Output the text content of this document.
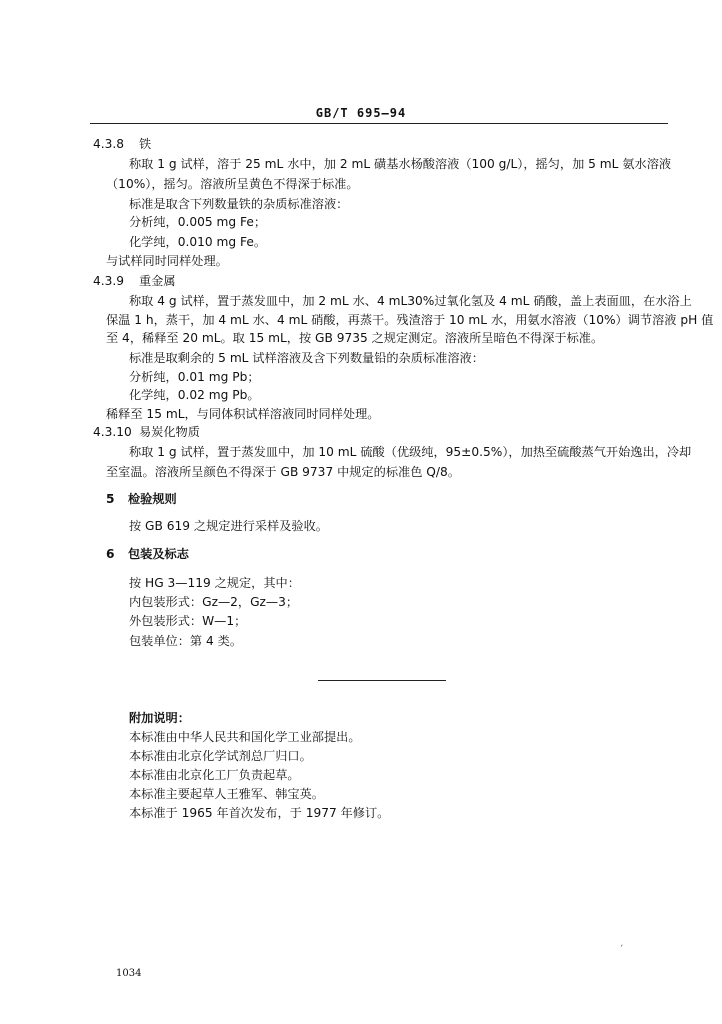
GB/T 695—94
4.3.8 铁
称取 1 g 试样，溶于 25 mL 水中，加 2 mL 磺基水杨酸溶液（100 g/L），摇匀，加 5 mL 氨水溶液
（10%），摇匀。溶液所呈黄色不得深于标准。
标准是取含下列数量铁的杂质标准溶液：
分析纯，0.005 mg Fe；
化学纯，0.010 mg Fe。
与试样同时同样处理。
4.3.9 重金属
称取 4 g 试样，置于蒸发皿中，加 2 mL 水、4 mL30%过氧化氢及 4 mL 硝酸，盖上表面皿，在水浴上
保温 1 h，蒸干，加 4 mL 水、4 mL 硝酸，再蒸干。残渣溶于 10 mL 水，用氨水溶液（10%）调节溶液 pH 值
至 4，稀释至 20 mL。取 15 mL，按 GB 9735 之规定测定。溶液所呈暗色不得深于标准。
标准是取剩余的 5 mL 试样溶液及含下列数量铅的杂质标准溶液：
分析纯，0.01 mg Pb；
化学纯，0.02 mg Pb。
稀释至 15 mL，与同体积试样溶液同时同样处理。
4.3.10 易炭化物质
称取 1 g 试样，置于蒸发皿中，加 10 mL 硫酸（优级纯，95±0.5%），加热至硫酸蒸气开始逸出，冷却
至室温。溶液所呈颜色不得深于 GB 9737 中规定的标准色 Q/8。
5 检验规则
按 GB 619 之规定进行采样及验收。
6 包装及标志
按 HG 3—119 之规定，其中：
内包装形式：Gz—2，Gz—3；
外包装形式：W—1；
包装单位：第 4 类。
附加说明：
本标准由中华人民共和国化学工业部提出。
本标准由北京化学试剂总厂归口。
本标准由北京化工厂负责起草。
本标准主要起草人王雅军、韩宝英。
本标准于 1965 年首次发布，于 1977 年修订。
ˊ
1034
